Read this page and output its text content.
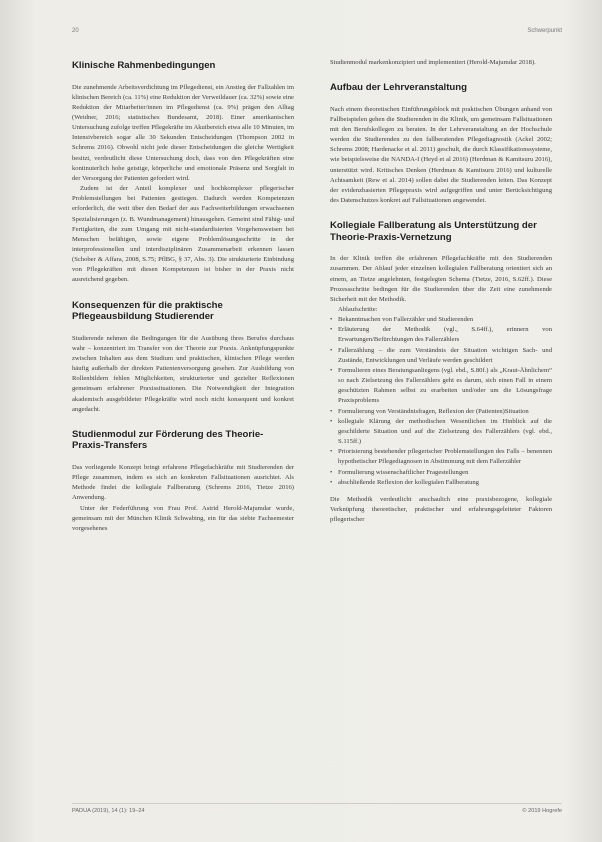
20	Schwerpunkt
Klinische Rahmenbedingungen

Die zunehmende Arbeitsverdichtung im Pflegedienst, ein Anstieg der Fallzahlen im klinischen Bereich (ca. 11%) eine Reduktion der Verweildauer (ca. 32%) sowie eine Reduktion der Mitarbeiter/innen im Pflegedienst (ca. 9%) prägen den Alltag (Weidner, 2016; statistisches Bundesamt, 2018). Einer amerikanischen Untersuchung zufolge treffen Pflegekräfte im Akutbereich etwa alle 10 Minuten, im Intensivbereich sogar alle 30 Sekunden Entscheidungen (Thompson 2002 in Schrems 2016). Obwohl nicht jede dieser Entscheidungen die gleiche Wertigkeit besitzt, verdeutlicht diese Untersuchung doch, dass von den Pflegekräften eine kontinuierlich hohe geistige, körperliche und emotionale Präsenz und Sorgfalt in der Versorgung der Patienten gefordert wird.

Zudem ist der Anteil komplexer und hochkomplexer pflegerischer Problemstellungen bei Patienten gestiegen. Dadurch werden Kompetenzen erforderlich, die weit über den Bedarf der aus Fachweiterbildungen erwachsenen Spezialisierungen (z. B. Wundmanagement) hinausgehen. Gemeint sind Fähig- und Fertigkeiten, die zum Umgang mit nicht-standardisierten Vorgehensweisen bei Menschen befähigen, sowie eigene Problemlösungsschritte in der interprofessionellen und interdisziplinären Zusammenarbeit erkennen lassen (Schober & Affara, 2008, S.75; PflBG, § 37, Abs. 3). Die strukturierte Einbindung von Pflegekräften mit diesen Kompetenzen ist bisher in der Praxis nicht ausreichend gegeben.

Konsequenzen für die praktische Pflegeausbildung Studierender

Studierende nehmen die Bedingungen für die Ausübung ihres Berufes durchaus wahr – konzentriert im Transfer von der Theorie zur Praxis. Anknüpfungspunkte zwischen Inhalten aus dem Studium und praktischen, klinischen Pflege werden häufig außerhalb der direkten Patientenversorgung gesehen. Zur Ausbildung von Rollenbildern fehlen Möglichkeiten, strukturierter und gezielter Reflexionen gemeinsam erfahrener Praxissituationen. Die Notwendigkeit der Integration akademisch ausgebildeter Pflegekräfte wird noch nicht konsequent und konkret angedacht.

Studienmodul zur Förderung des Theorie-Praxis-Transfers

Das vorliegende Konzept bringt erfahrene Pflegefachkräfte mit Studierenden der Pflege zusammen, indem es sich an konkreten Fallsituationen ausrichtet. Als Methode findet die kollegiale Fallberatung (Schrems 2016, Tietze 2016) Anwendung.

Unter der Federführung von Frau Prof. Astrid Herold-Majumdar wurde, gemeinsam mit der München Klinik Schwabing, ein für das siebte Fachsemester vorgesehenes

Studienmodul markenkonzipiert und implementiert (Herold-Majumdar 2018).

Aufbau der Lehrveranstaltung

Nach einem theoretischen Einführungsblock mit praktischen Übungen anhand von Fallbeispielen gehen die Studierenden in die Klinik, um gemeinsam Fallsituationen mit den Berufskollegen zu beraten. In der Lehrveranstaltung an der Hochschule werden die Studierenden zu den fallberatenden Pflegediagnostik (Ackel 2002; Schrems 2008; Hardenacke et al. 2011) geschult, die durch Klassifikationssysteme, wie beispielsweise die NANDA-I (Heyd et al 2016) (Herdman & Kamitsuru 2016), unterstützt wird. Kritisches Denken (Herdman & Kamitsuru 2016) und kulturelle Achtsamkeit (Rew et al. 2014) sollen dabei die Studierenden leiten. Das Konzept der evidenzbasierten Pflegepraxis wird aufgegriffen und unter Berücksichtigung des Datenschutzes konkret auf Fallsituationen angewendet.

Kollegiale Fallberatung als Unterstützung der Theorie-Praxis-Vernetzung

In der Klinik treffen die erfahrenen Pflegefachkräfte mit den Studierenden zusammen. Der Ablauf jeder einzelnen kollegialen Fallberatung orientiert sich an einem, an Tietze angelehnten, festgelegten Schema (Tietze, 2016, S.62ff.). Diese Prozessschritte bedingen für die Studierenden über die Zeit eine zunehmende Sicherheit mit der Methodik.

Ablaufschritte:

• Bekanntmachen von Fallerzähler und Studierenden
• Erläuterung der Methodik (vgl., S.64ff.), erinnern von Erwartungen/Befürchtungen des Fallerzählers
• Fallerzählung – die zum Verständnis der Situation wichtigen Sach- und Zustände, Entwicklungen und Verläufe werden geschildert
• Formulieren eines Beratungsanliegens (vgl. ebd., S.80f.) als „Kraut-Ähnlichem“ so nach Zielsetzung des Fallerzählers geht es darum, sich einen Fall in einem geschützten Rahmen selbst zu erarbeiten und/oder um die Lösungsfrage Praxisproblems
• Formulierung von Verständnisfragen, Reflexion der (Patienten)Situation
• kollegiale Klärung der methodischen Wesentlichen im Hinblick auf die geschilderte Situation und auf die Zielsetzung des Fallerzählers (vgl. ebd., S.115ff.)
• Priorisierung bestehender pflegerischer Problemstellungen des Falls – benennen hypothetischer Pflegediagnosen in Abstimmung mit dem Fallerzähler
• Formulierung wissenschaftlicher Fragestellungen
• abschließende Reflexion der kollegialen Fallberatung

Die Methodik verdeutlicht anschaulich eine praxisbezogene, kollegiale Verknüpfung theoretischer, praktischer und erfahrungsgeleiteter Faktoren pflegerischer

PADUA (2019), 14 (1): 19–24	© 2019 Hogrefe
